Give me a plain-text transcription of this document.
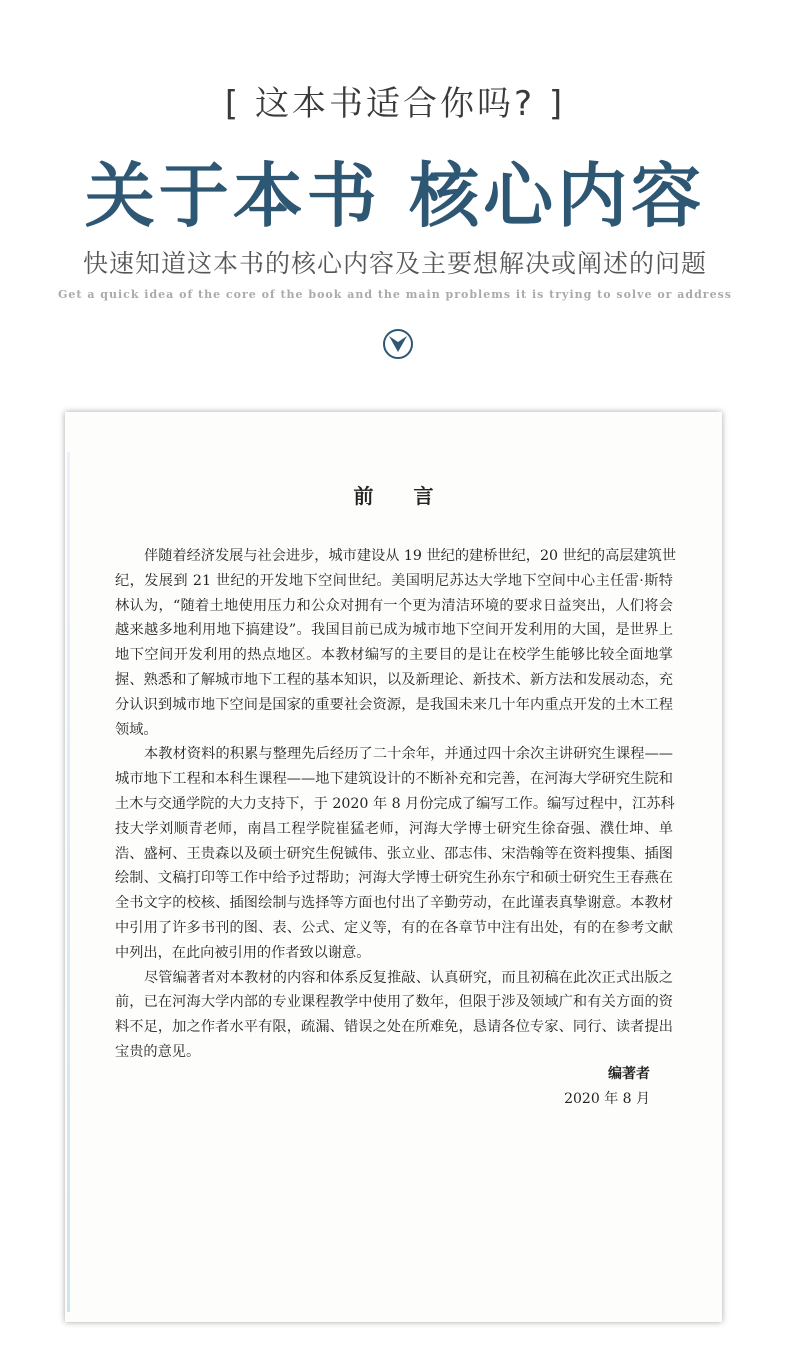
[ 这本书适合你吗? ]
关于本书 核心内容
快速知道这本书的核心内容及主要想解决或阐述的问题
Get a quick idea of the core of the book and the main problems it is trying to solve or address
前言
伴随着经济发展与社会进步，城市建设从 19 世纪的建桥世纪，20 世纪的高层建筑世
纪，发展到 21 世纪的开发地下空间世纪。美国明尼苏达大学地下空间中心主任雷·斯特
林认为，“随着土地使用压力和公众对拥有一个更为清洁环境的要求日益突出，人们将会
越来越多地利用地下搞建设”。我国目前已成为城市地下空间开发利用的大国，是世界上
地下空间开发利用的热点地区。本教材编写的主要目的是让在校学生能够比较全面地掌
握、熟悉和了解城市地下工程的基本知识，以及新理论、新技术、新方法和发展动态，充
分认识到城市地下空间是国家的重要社会资源，是我国未来几十年内重点开发的土木工程
领域。
本教材资料的积累与整理先后经历了二十余年，并通过四十余次主讲研究生课程——
城市地下工程和本科生课程——地下建筑设计的不断补充和完善，在河海大学研究生院和
土木与交通学院的大力支持下，于 2020 年 8 月份完成了编写工作。编写过程中，江苏科
技大学刘顺青老师，南昌工程学院崔猛老师，河海大学博士研究生徐奋强、濮仕坤、单
浩、盛柯、王贵森以及硕士研究生倪铖伟、张立业、邵志伟、宋浩翰等在资料搜集、插图
绘制、文稿打印等工作中给予过帮助；河海大学博士研究生孙东宁和硕士研究生王春燕在
全书文字的校核、插图绘制与选择等方面也付出了辛勤劳动，在此谨表真挚谢意。本教材
中引用了许多书刊的图、表、公式、定义等，有的在各章节中注有出处，有的在参考文献
中列出，在此向被引用的作者致以谢意。
尽管编著者对本教材的内容和体系反复推敲、认真研究，而且初稿在此次正式出版之
前，已在河海大学内部的专业课程教学中使用了数年，但限于涉及领域广和有关方面的资
料不足，加之作者水平有限，疏漏、错误之处在所难免，恳请各位专家、同行、读者提出
宝贵的意见。
编著者
2020 年 8 月
